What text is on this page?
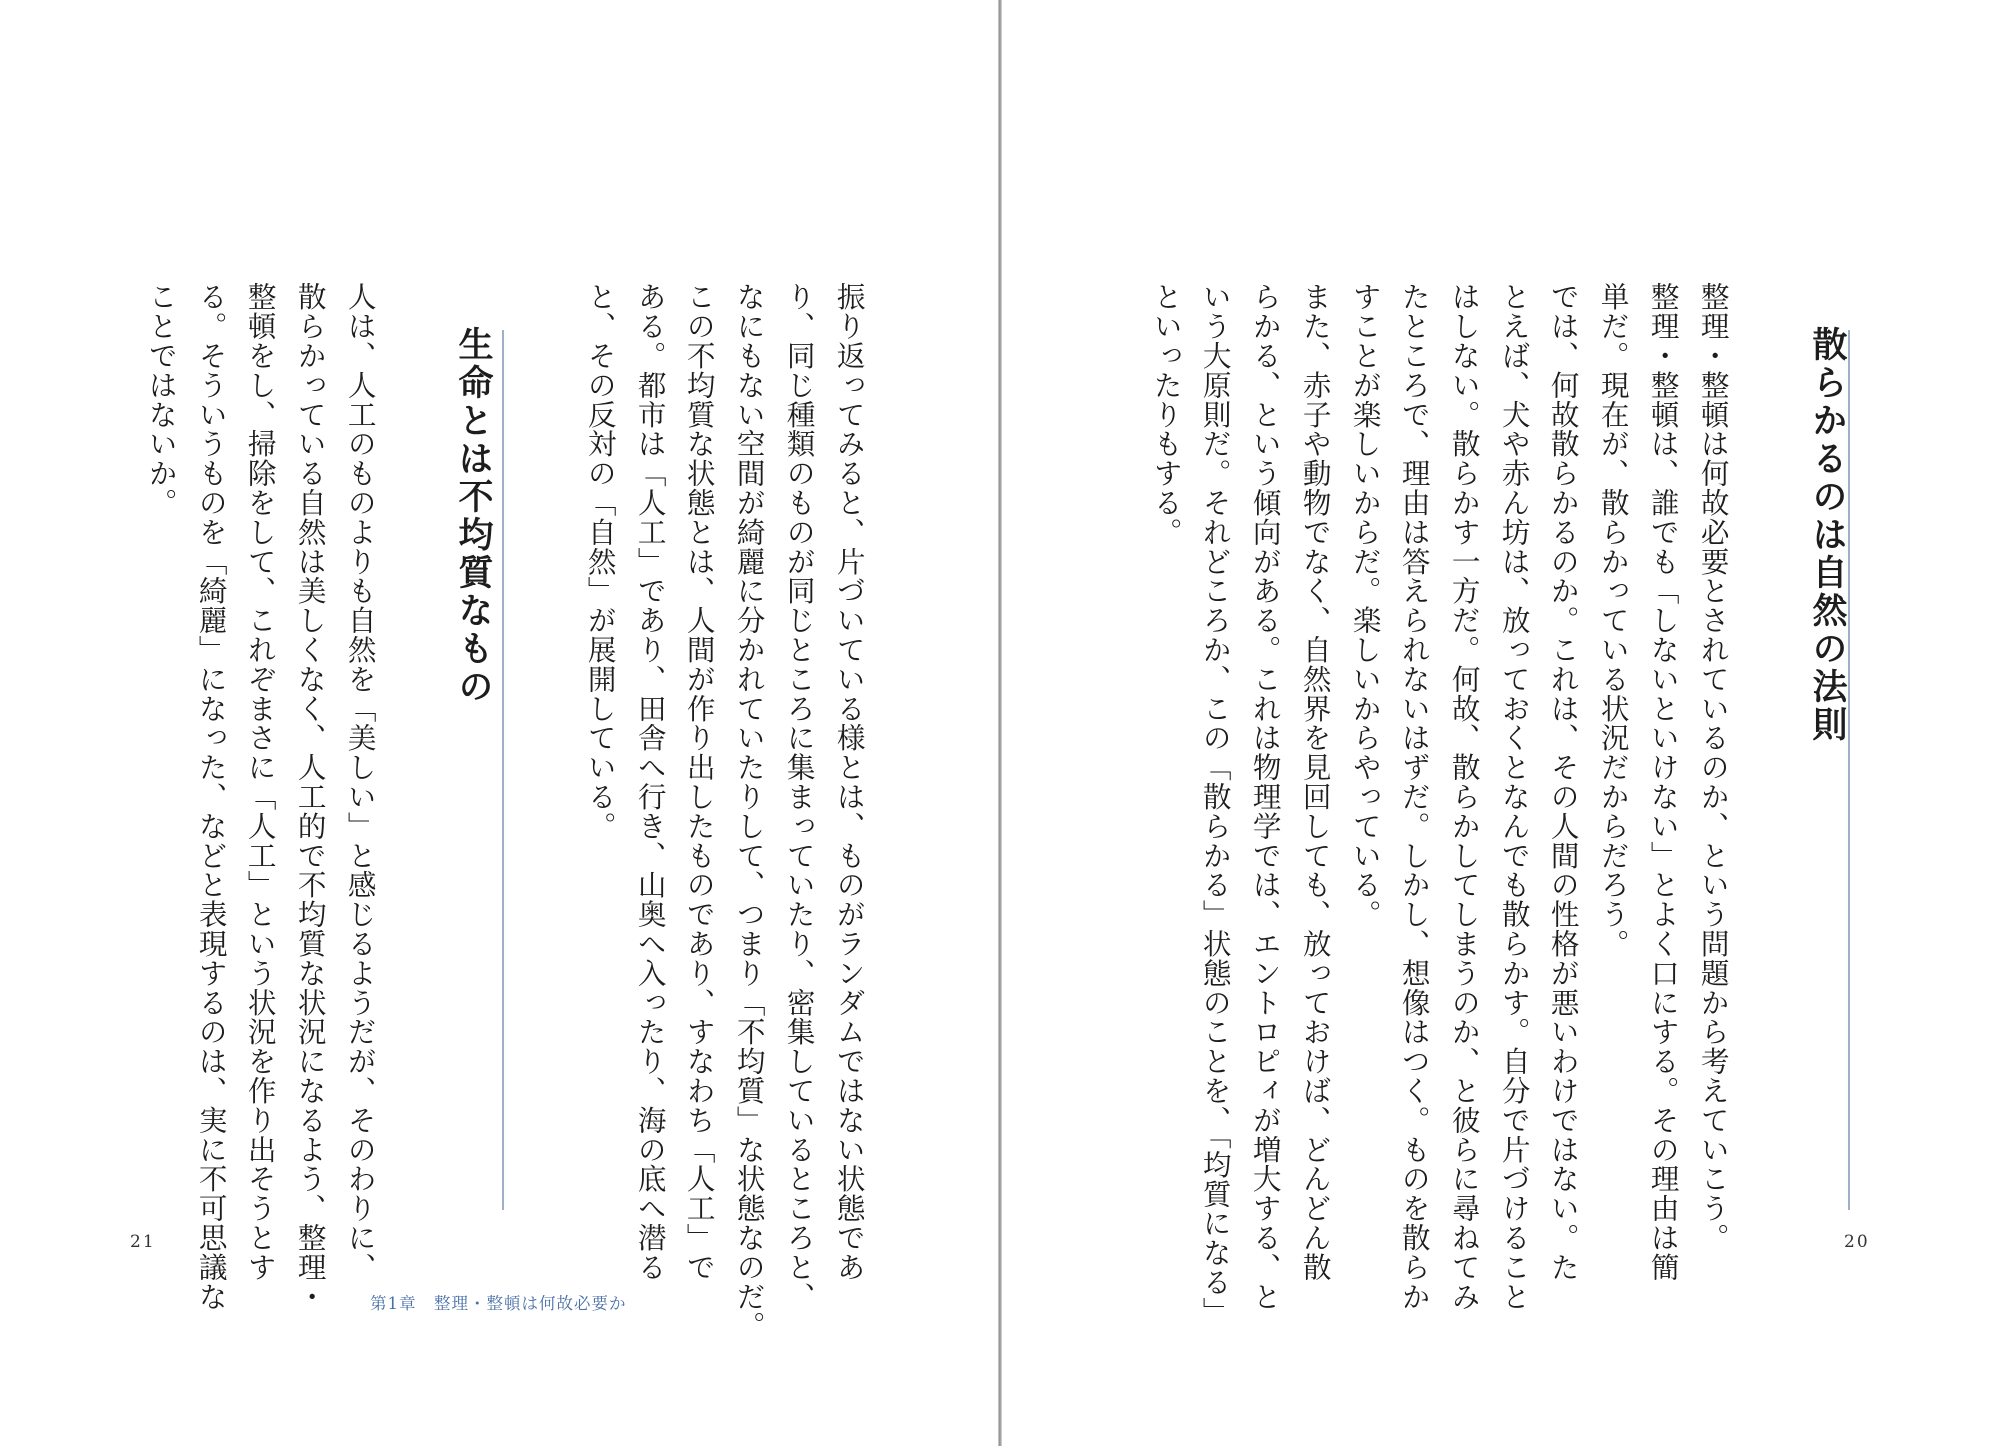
散らかるのは自然の法則

整理・整頓は何故必要とされているのか、という問題から考えていこう。

整理・整頓は、誰でも「しないといけない」とよく口にする。その理由は簡

単だ。現在が、散らかっている状況だからだろう。

では、何故散らかるのか。これは、その人間の性格が悪いわけではない。た

とえば、犬や赤ん坊は、放っておくとなんでも散らかす。自分で片づけること

はしない。散らかす一方だ。何故、散らかしてしまうのか、と彼らに尋ねてみ

たところで、理由は答えられないはずだ。しかし、想像はつく。ものを散らか

すことが楽しいからだ。楽しいからやっている。

また、赤子や動物でなく、自然界を見回しても、放っておけば、どんどん散

らかる、という傾向がある。これは物理学では、エントロピィが増大する、と

いう大原則だ。それどころか、この「散らかる」状態のことを、「均質になる」

といったりもする。

20

振り返ってみると、片づいている様とは、ものがランダムではない状態であ

り、同じ種類のものが同じところに集まっていたり、密集しているところと、

なにもない空間が綺麗に分かれていたりして、つまり「不均質」な状態なのだ。

この不均質な状態とは、人間が作り出したものであり、すなわち「人工」で

ある。都市は「人工」であり、田舎へ行き、山奥へ入ったり、海の底へ潜る

と、その反対の「自然」が展開している。

生命とは不均質なもの

人は、人工のものよりも自然を「美しい」と感じるようだが、そのわりに、

散らかっている自然は美しくなく、人工的で不均質な状況になるよう、整理・

整頓をし、掃除をして、これぞまさに「人工」という状況を作り出そうとす

る。そういうものを「綺麗」になった、などと表現するのは、実に不可思議な

ことではないか。

21
第1章　整理・整頓は何故必要か
